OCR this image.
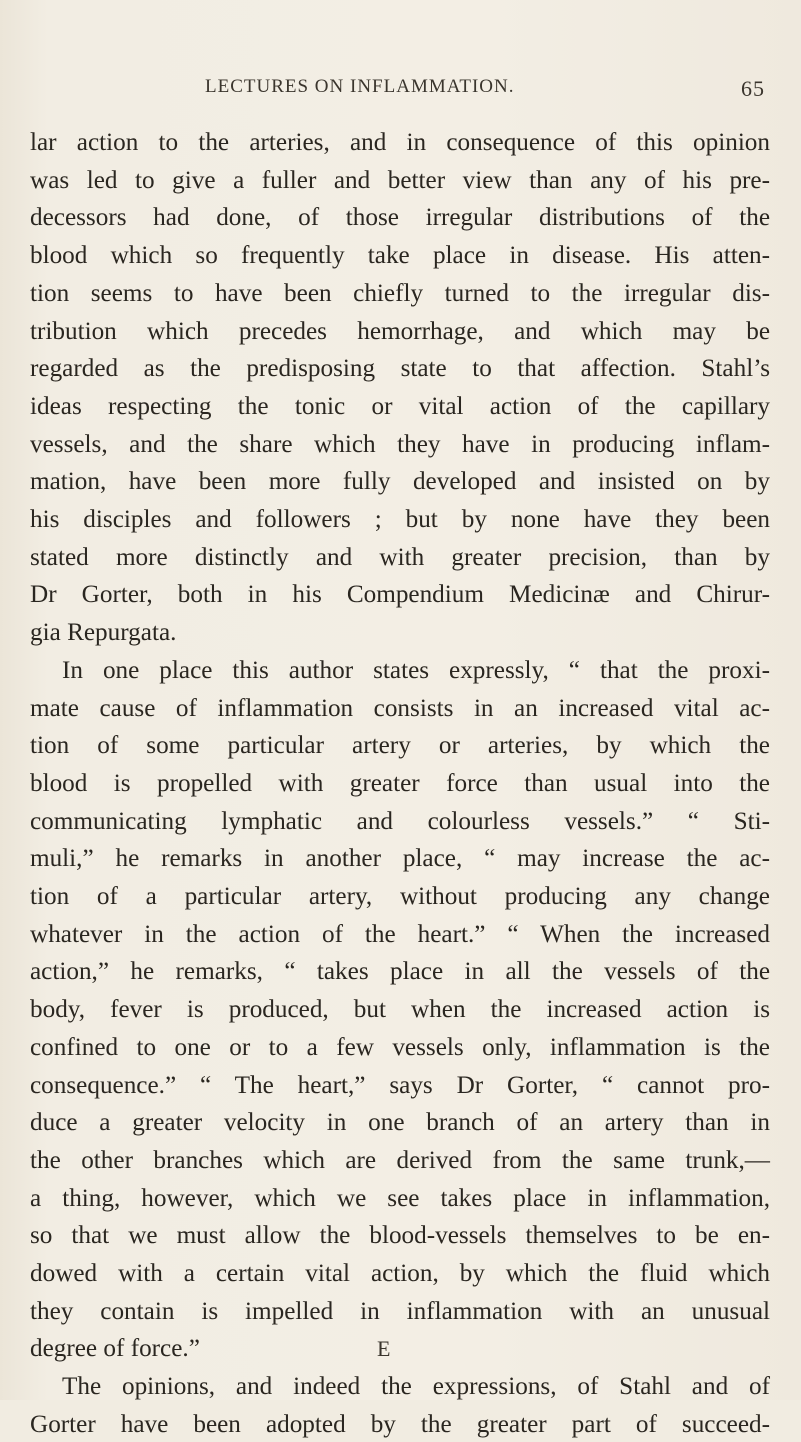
LECTURES ON INFLAMMATION.	65
lar action to the arteries, and in consequence of this opinion
was led to give a fuller and better view than any of his pre-
decessors had done, of those irregular distributions of the
blood which so frequently take place in disease. His atten-
tion seems to have been chiefly turned to the irregular dis-
tribution which precedes hemorrhage, and which may be
regarded as the predisposing state to that affection. Stahl’s
ideas respecting the tonic or vital action of the capillary
vessels, and the share which they have in producing inflam-
mation, have been more fully developed and insisted on by
his disciples and followers ; but by none have they been
stated more distinctly and with greater precision, than by
Dr Gorter, both in his Compendium Medicinæ and Chirur-
gia Repurgata.
In one place this author states expressly, “ that the proxi-
mate cause of inflammation consists in an increased vital ac-
tion of some particular artery or arteries, by which the
blood is propelled with greater force than usual into the
communicating lymphatic and colourless vessels.” “ Sti-
muli,” he remarks in another place, “ may increase the ac-
tion of a particular artery, without producing any change
whatever in the action of the heart.” “ When the increased
action,” he remarks, “ takes place in all the vessels of the
body, fever is produced, but when the increased action is
confined to one or to a few vessels only, inflammation is the
consequence.” “ The heart,” says Dr Gorter, “ cannot pro-
duce a greater velocity in one branch of an artery than in
the other branches which are derived from the same trunk,—
a thing, however, which we see takes place in inflammation,
so that we must allow the blood-vessels themselves to be en-
dowed with a certain vital action, by which the fluid which
they contain is impelled in inflammation with an unusual
degree of force.”
The opinions, and indeed the expressions, of Stahl and of
Gorter have been adopted by the greater part of succeed-
E
